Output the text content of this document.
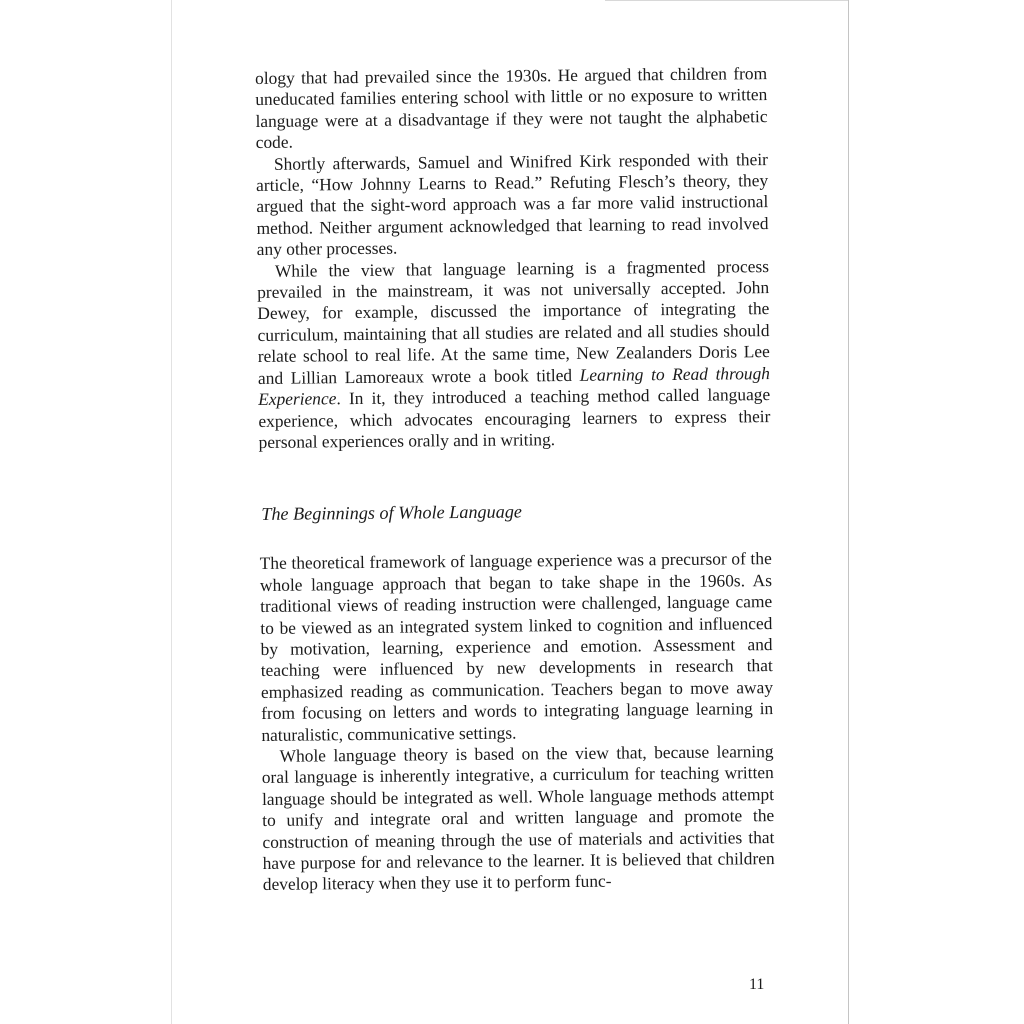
ology that had prevailed since the 1930s. He argued that children from uneducated families entering school with little or no exposure to written language were at a disadvantage if they were not taught the alphabetic code.

Shortly afterwards, Samuel and Winifred Kirk responded with their article, “How Johnny Learns to Read.” Refuting Flesch’s theory, they argued that the sight-word approach was a far more valid instructional method. Neither argument acknowledged that learning to read involved any other processes.

While the view that language learning is a fragmented process prevailed in the mainstream, it was not universally accepted. John Dewey, for example, discussed the importance of integrating the curriculum, maintaining that all studies are related and all studies should relate school to real life. At the same time, New Zealanders Doris Lee and Lillian Lamoreaux wrote a book titled Learning to Read through Experience. In it, they introduced a teaching method called language experience, which advocates encouraging learners to express their personal experiences orally and in writing.

The Beginnings of Whole Language

The theoretical framework of language experience was a precursor of the whole language approach that began to take shape in the 1960s. As traditional views of reading instruction were challenged, language came to be viewed as an integrated system linked to cognition and influenced by motivation, learning, experience and emotion. Assessment and teaching were influenced by new developments in research that emphasized reading as communication. Teachers began to move away from focusing on letters and words to integrating language learning in naturalistic, communicative settings.

Whole language theory is based on the view that, because learning oral language is inherently integrative, a curriculum for teaching written language should be integrated as well. Whole language methods attempt to unify and integrate oral and written language and promote the construction of meaning through the use of materials and activities that have purpose for and relevance to the learner. It is believed that children develop literacy when they use it to perform func-

11
